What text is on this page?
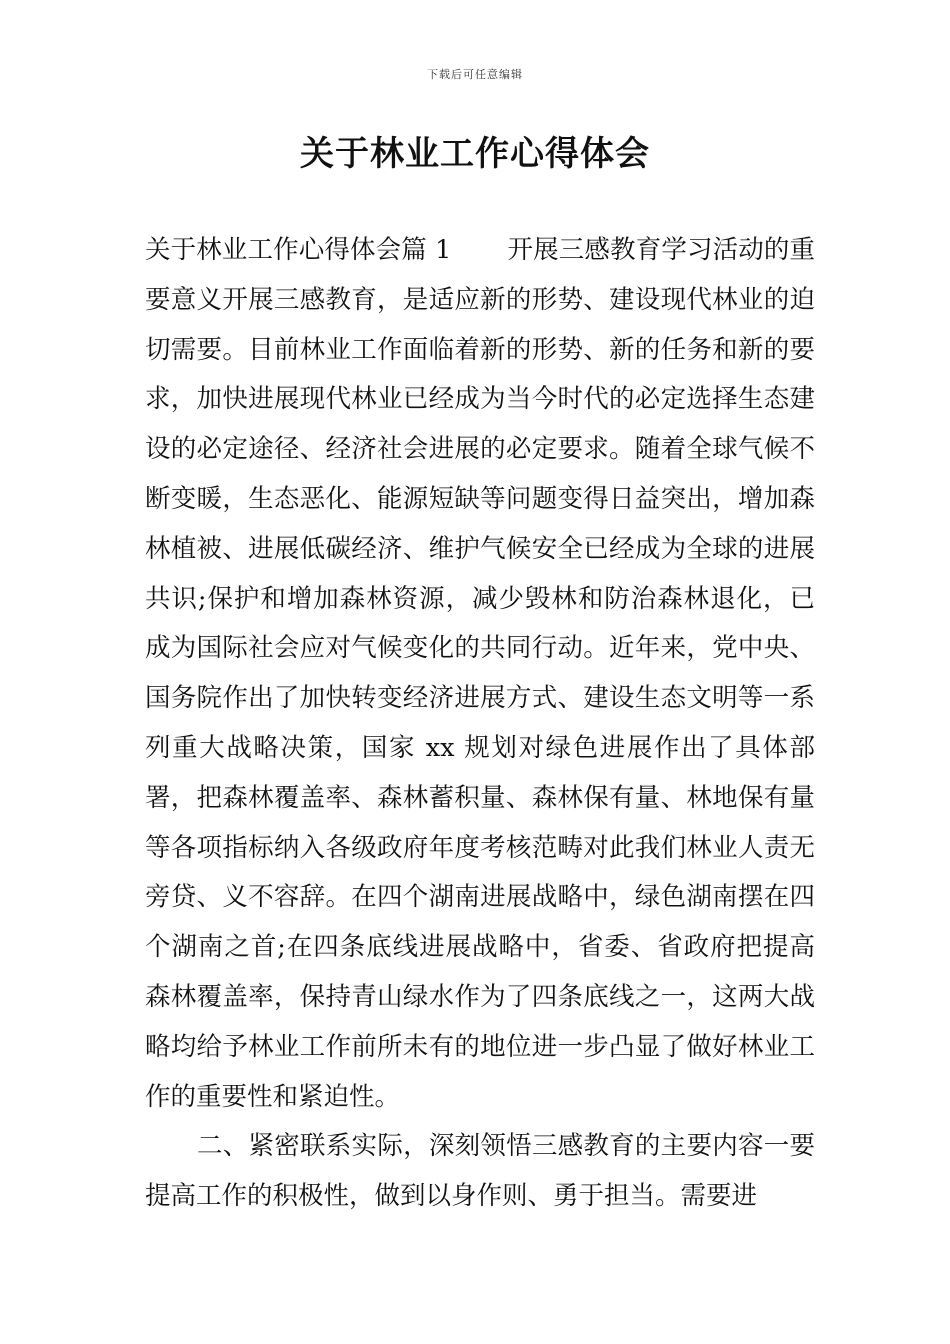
下载后可任意编辑
关于林业工作心得体会

关于林业工作心得体会篇 1 开展三感教育学习活动的重要意义开展三感教育，是适应新的形势、建设现代林业的迫切需要。目前林业工作面临着新的形势、新的任务和新的要求，加快进展现代林业已经成为当今时代的必定选择生态建设的必定途径、经济社会进展的必定要求。随着全球气候不断变暖，生态恶化、能源短缺等问题变得日益突出，增加森林植被、进展低碳经济、维护气候安全已经成为全球的进展共识;保护和增加森林资源，减少毁林和防治森林退化，已成为国际社会应对气候变化的共同行动。近年来，党中央、国务院作出了加快转变经济进展方式、建设生态文明等一系列重大战略决策，国家 xx 规划对绿色进展作出了具体部署，把森林覆盖率、森林蓄积量、森林保有量、林地保有量等各项指标纳入各级政府年度考核范畴对此我们林业人责无旁贷、义不容辞。在四个湖南进展战略中，绿色湖南摆在四个湖南之首;在四条底线进展战略中，省委、省政府把提高森林覆盖率，保持青山绿水作为了四条底线之一，这两大战略均给予林业工作前所未有的地位进一步凸显了做好林业工作的重要性和紧迫性。

二、紧密联系实际，深刻领悟三感教育的主要内容一要提高工作的积极性，做到以身作则、勇于担当。需要进
